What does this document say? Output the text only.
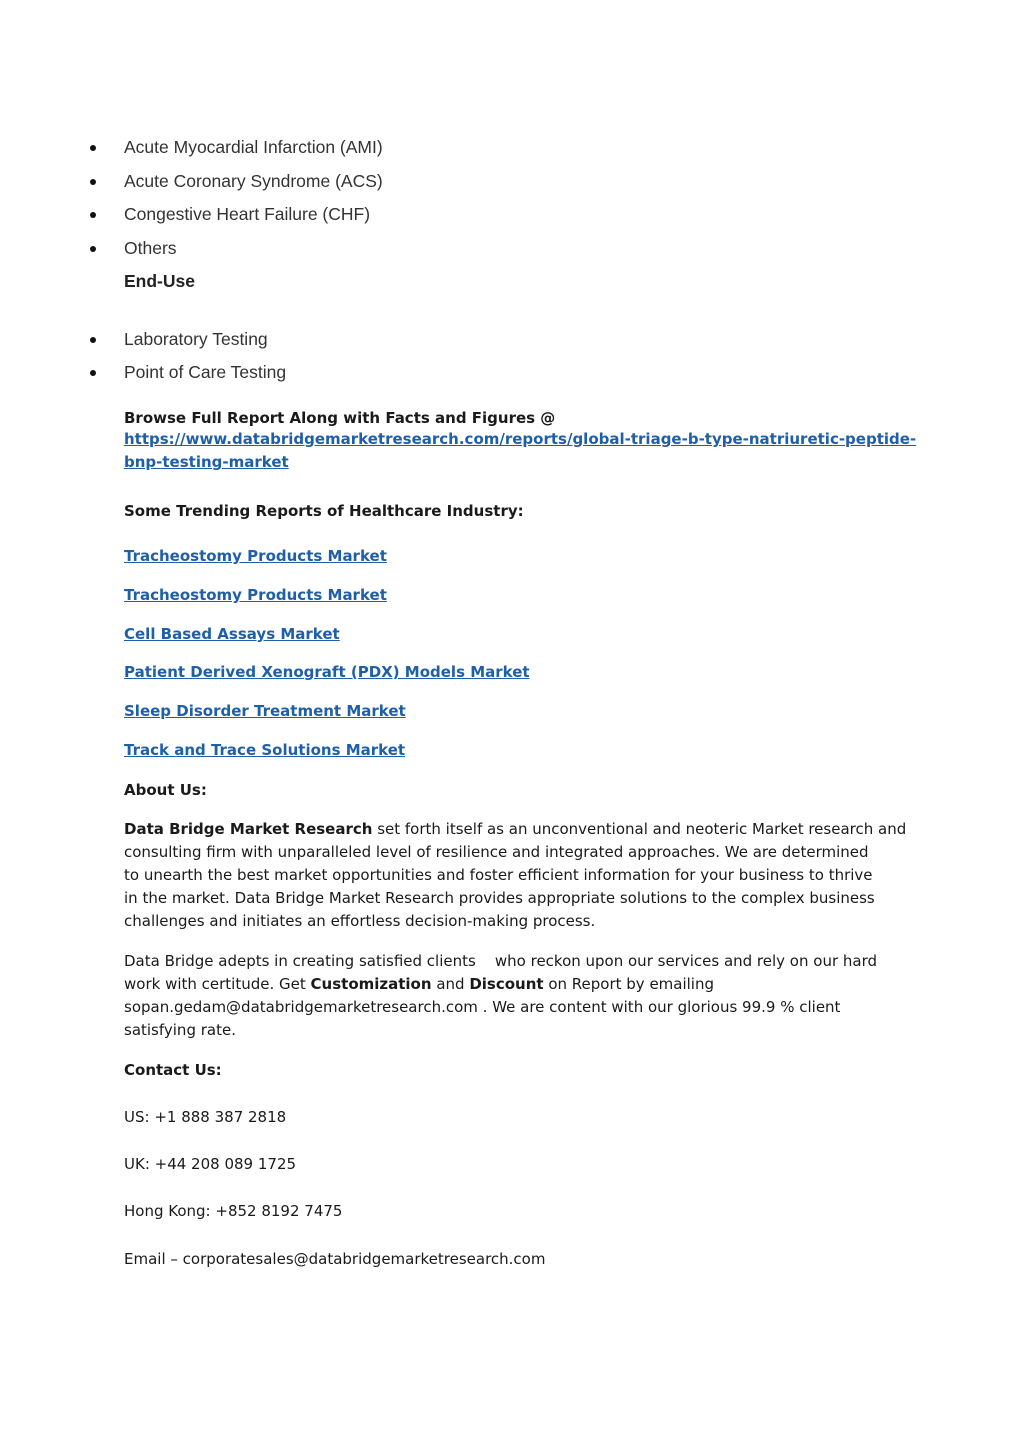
Acute Myocardial Infarction (AMI)
Acute Coronary Syndrome (ACS)
Congestive Heart Failure (CHF)
Others
End-Use
Laboratory Testing
Point of Care Testing
Browse Full Report Along with Facts and Figures @
https://www.databridgemarketresearch.com/reports/global-triage-b-type-natriuretic-peptide-
bnp-testing-market
Some Trending Reports of Healthcare Industry:
Tracheostomy Products Market
Tracheostomy Products Market
Cell Based Assays Market
Patient Derived Xenograft (PDX) Models Market
Sleep Disorder Treatment Market
Track and Trace Solutions Market
About Us:
Data Bridge Market Research set forth itself as an unconventional and neoteric Market research and
consulting firm with unparalleled level of resilience and integrated approaches. We are determined
to unearth the best market opportunities and foster efficient information for your business to thrive
in the market. Data Bridge Market Research provides appropriate solutions to the complex business
challenges and initiates an effortless decision-making process.
Data Bridge adepts in creating satisfied clients    who reckon upon our services and rely on our hard
work with certitude. Get Customization and Discount on Report by emailing
sopan.gedam@databridgemarketresearch.com . We are content with our glorious 99.9 % client
satisfying rate.
Contact Us:
US: +1 888 387 2818
UK: +44 208 089 1725
Hong Kong: +852 8192 7475
Email – corporatesales@databridgemarketresearch.com
